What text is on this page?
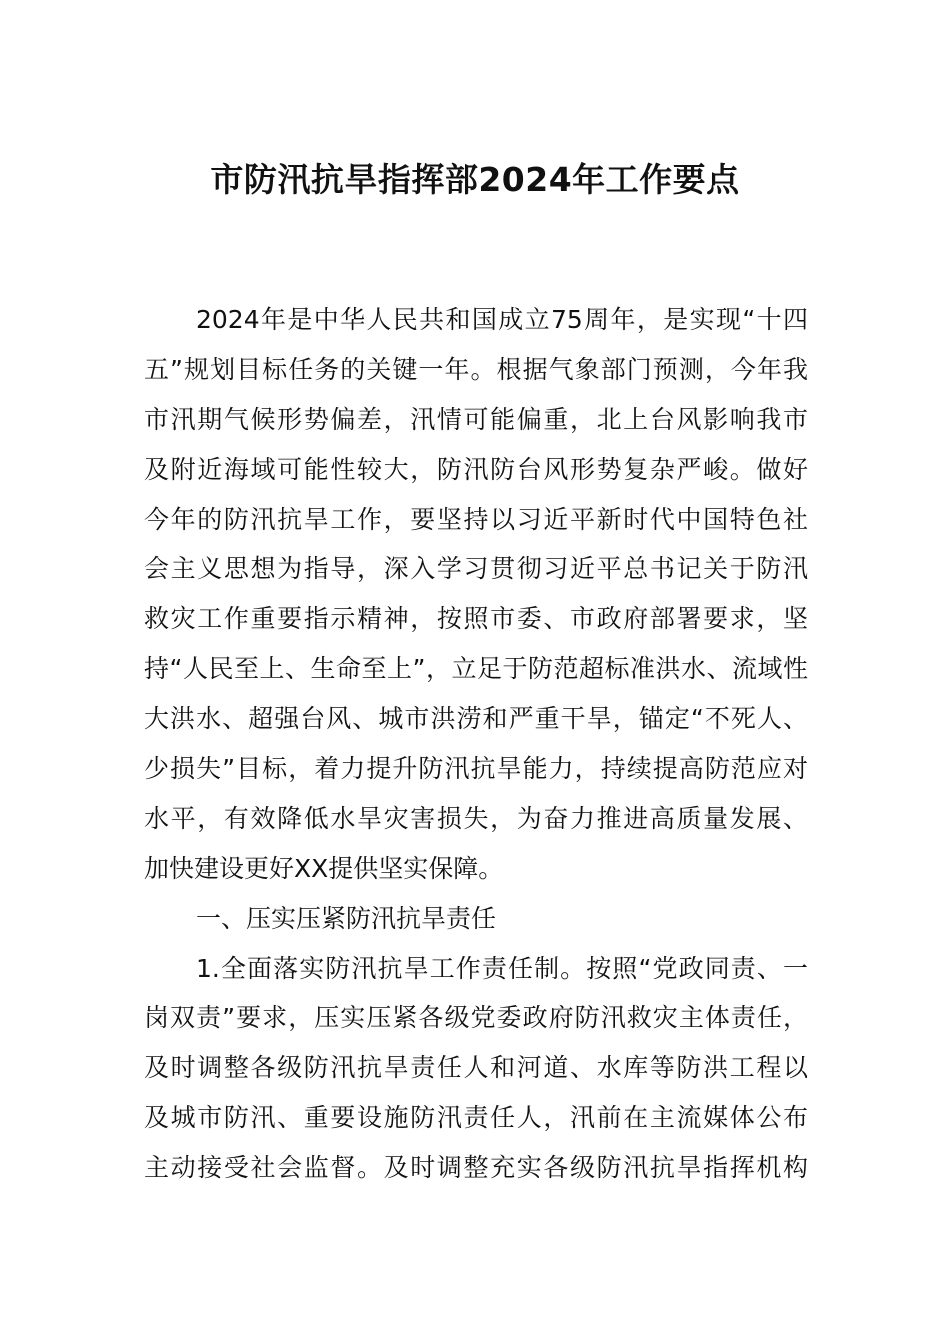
市防汛抗旱指挥部2024年工作要点
2024年是中华人民共和国成立75周年，是实现“十四
五”规划目标任务的关键一年。根据气象部门预测，今年我
市汛期气候形势偏差，汛情可能偏重，北上台风影响我市
及附近海域可能性较大，防汛防台风形势复杂严峻。做好
今年的防汛抗旱工作，要坚持以习近平新时代中国特色社
会主义思想为指导，深入学习贯彻习近平总书记关于防汛
救灾工作重要指示精神，按照市委、市政府部署要求，坚
持“人民至上、生命至上”，立足于防范超标准洪水、流域性
大洪水、超强台风、城市洪涝和严重干旱，锚定“不死人、
少损失”目标，着力提升防汛抗旱能力，持续提高防范应对
水平，有效降低水旱灾害损失，为奋力推进高质量发展、
加快建设更好XX提供坚实保障。
一、压实压紧防汛抗旱责任
1.全面落实防汛抗旱工作责任制。按照“党政同责、一
岗双责”要求，压实压紧各级党委政府防汛救灾主体责任，
及时调整各级防汛抗旱责任人和河道、水库等防洪工程以
及城市防汛、重要设施防汛责任人，汛前在主流媒体公布
主动接受社会监督。及时调整充实各级防汛抗旱指挥机构
